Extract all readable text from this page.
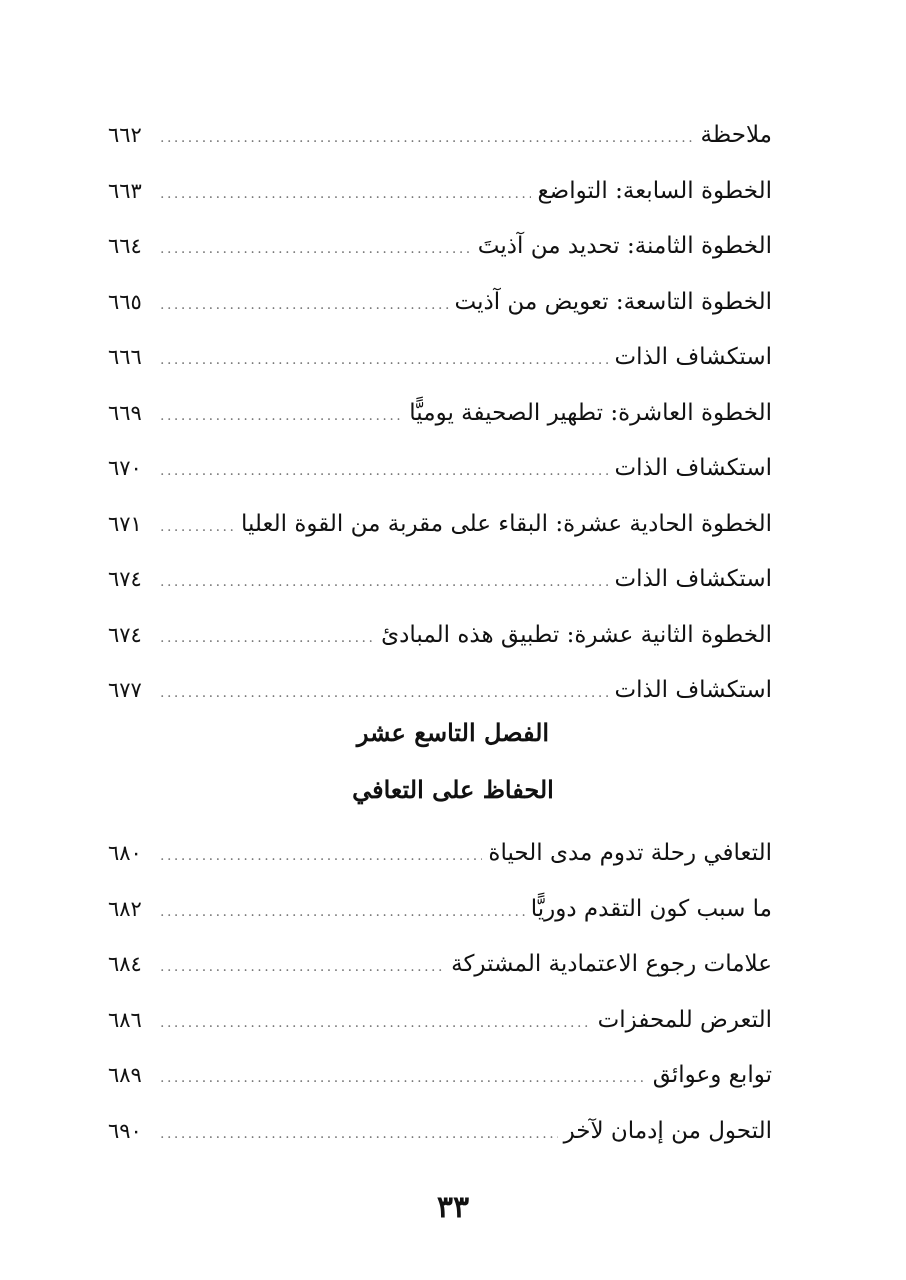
ملاحظة
.....
٦٦٢
الخطوة السابعة: التواضع
.....
٦٦٣
الخطوة الثامنة: تحديد من آذيتَ
.....
٦٦٤
الخطوة التاسعة: تعويض من آذيت
.....
٦٦٥
استكشاف الذات
.....
٦٦٦
الخطوة العاشرة: تطهير الصحيفة يوميًّا
.....
٦٦٩
استكشاف الذات
.....
٦٧٠
الخطوة الحادية عشرة: البقاء على مقربة من القوة العليا
.....
٦٧١
استكشاف الذات
.....
٦٧٤
الخطوة الثانية عشرة: تطبيق هذه المبادئ
.....
٦٧٤
استكشاف الذات
.....
٦٧٧
الفصل التاسع عشر
الحفاظ على التعافي
التعافي رحلة تدوم مدى الحياة
.....
٦٨٠
ما سبب كون التقدم دوريًّا
.....
٦٨٢
علامات رجوع الاعتمادية المشتركة
.....
٦٨٤
التعرض للمحفزات
.....
٦٨٦
توابع وعوائق
.....
٦٨٩
التحول من إدمان لآخر
.....
٦٩٠
٣٣
